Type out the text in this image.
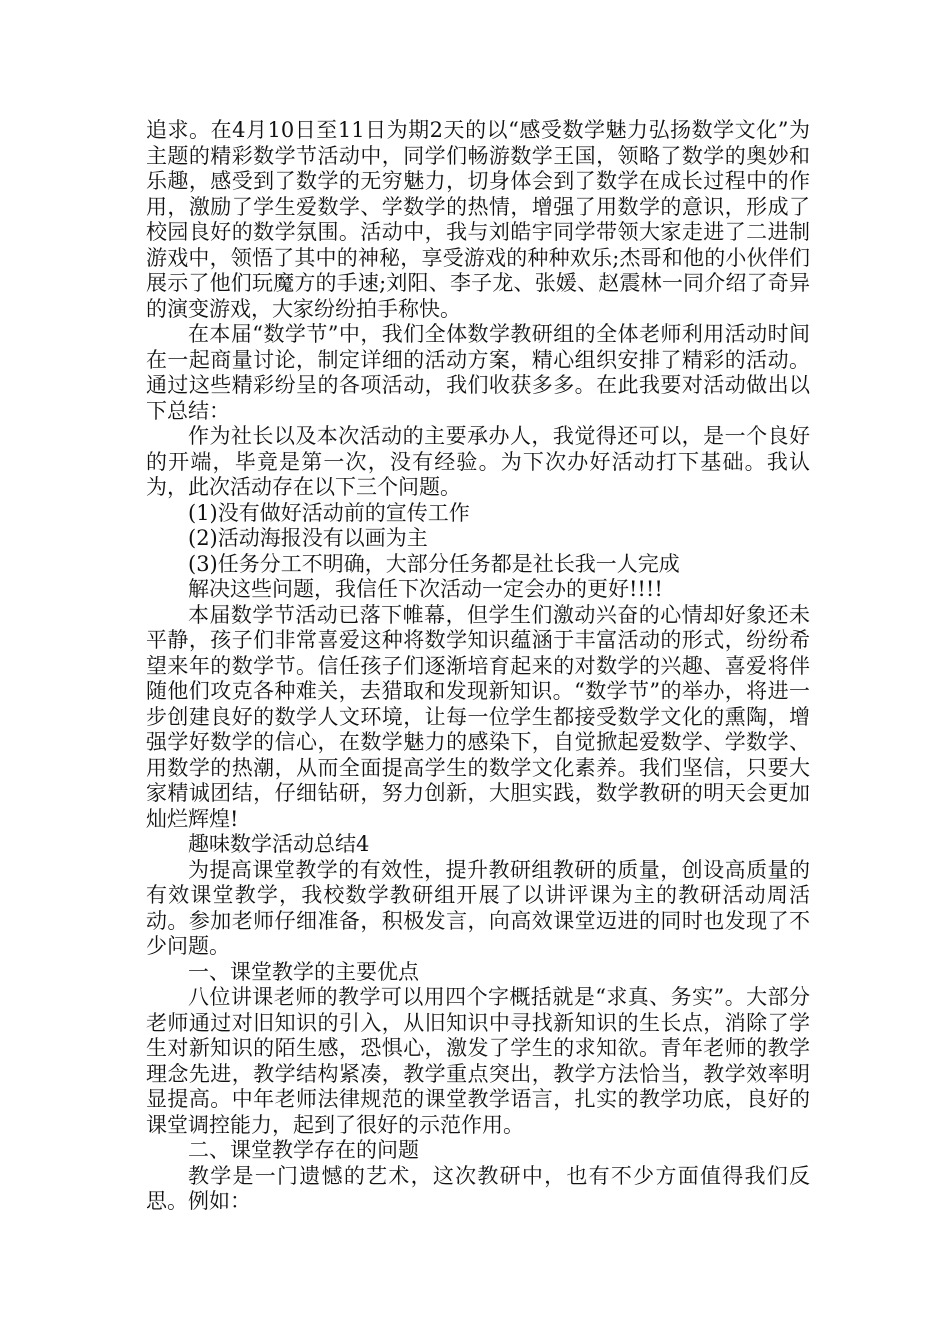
追求。在4月10日至11日为期2天的以“感受数学魅力弘扬数学文化”为主题的精彩数学节活动中，同学们畅游数学王国，领略了数学的奥妙和乐趣，感受到了数学的无穷魅力，切身体会到了数学在成长过程中的作用，激励了学生爱数学、学数学的热情，增强了用数学的意识，形成了校园良好的数学氛围。活动中，我与刘皓宇同学带领大家走进了二进制游戏中，领悟了其中的神秘，享受游戏的种种欢乐;杰哥和他的小伙伴们展示了他们玩魔方的手速;刘阳、李子龙、张媛、赵震林一同介绍了奇异的演变游戏，大家纷纷拍手称快。

在本届“数学节”中，我们全体数学教研组的全体老师利用活动时间在一起商量讨论，制定详细的活动方案，精心组织安排了精彩的活动。通过这些精彩纷呈的各项活动，我们收获多多。在此我要对活动做出以下总结：

作为社长以及本次活动的主要承办人，我觉得还可以，是一个良好的开端，毕竟是第一次，没有经验。为下次办好活动打下基础。我认为，此次活动存在以下三个问题。

(1)没有做好活动前的宣传工作

(2)活动海报没有以画为主

(3)任务分工不明确，大部分任务都是社长我一人完成

解决这些问题，我信任下次活动一定会办的更好!!!!

本届数学节活动已落下帷幕，但学生们激动兴奋的心情却好象还未平静，孩子们非常喜爱这种将数学知识蕴涵于丰富活动的形式，纷纷希望来年的数学节。信任孩子们逐渐培育起来的对数学的兴趣、喜爱将伴随他们攻克各种难关，去猎取和发现新知识。“数学节”的举办，将进一步创建良好的数学人文环境，让每一位学生都接受数学文化的熏陶，增强学好数学的信心，在数学魅力的感染下，自觉掀起爱数学、学数学、用数学的热潮，从而全面提高学生的数学文化素养。我们坚信，只要大家精诚团结，仔细钻研，努力创新，大胆实践，数学教研的明天会更加灿烂辉煌!

趣味数学活动总结4

为提高课堂教学的有效性，提升教研组教研的质量，创设高质量的有效课堂教学，我校数学教研组开展了以讲评课为主的教研活动周活动。参加老师仔细准备，积极发言，向高效课堂迈进的同时也发现了不少问题。

一、课堂教学的主要优点

八位讲课老师的教学可以用四个字概括就是“求真、务实”。大部分老师通过对旧知识的引入，从旧知识中寻找新知识的生长点，消除了学生对新知识的陌生感，恐惧心，激发了学生的求知欲。青年老师的教学理念先进，教学结构紧凑，教学重点突出，教学方法恰当，教学效率明显提高。中年老师法律规范的课堂教学语言，扎实的教学功底，良好的课堂调控能力，起到了很好的示范作用。

二、课堂教学存在的问题

教学是一门遗憾的艺术，这次教研中，也有不少方面值得我们反思。例如：
